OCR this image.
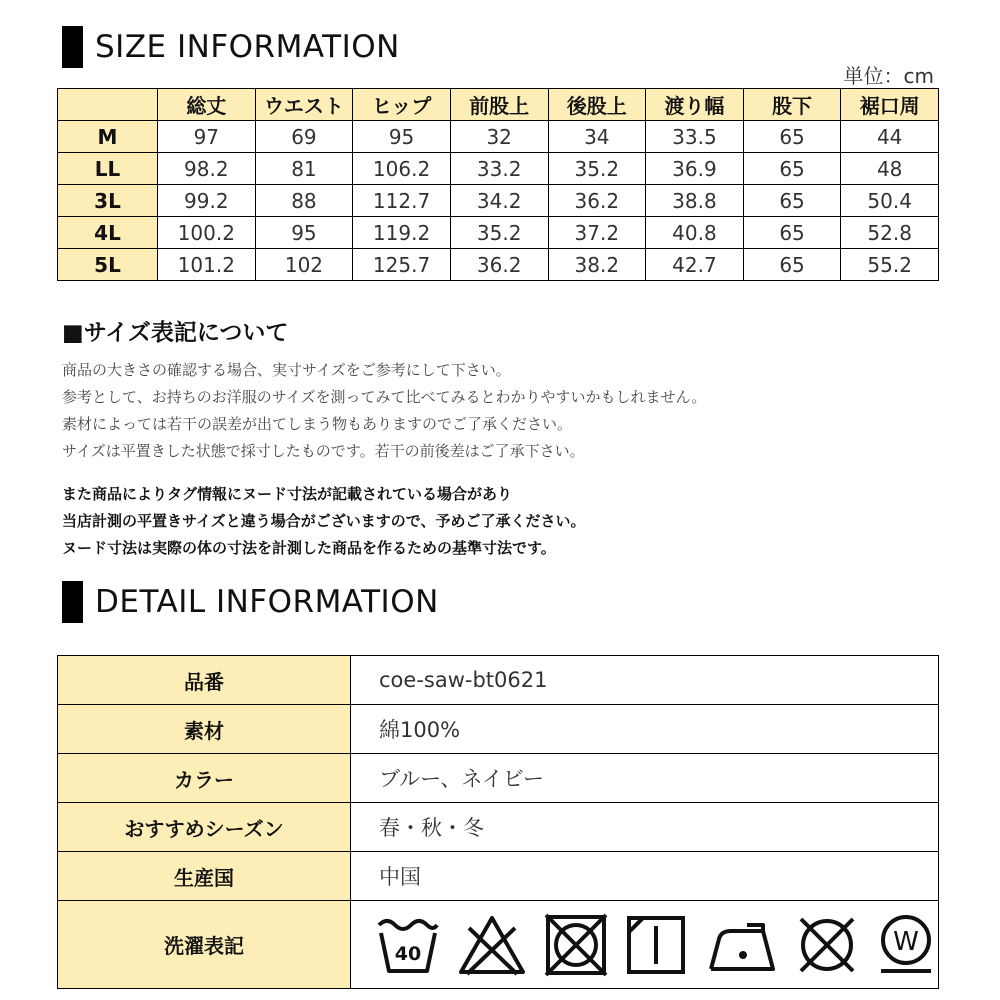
SIZE INFORMATION
単位：cm
	総丈	ウエスト	ヒップ	前股上	後股上	渡り幅	股下	裾口周
M	97	69	95	32	34	33.5	65	44
LL	98.2	81	106.2	33.2	35.2	36.9	65	48
3L	99.2	88	112.7	34.2	36.2	38.8	65	50.4
4L	100.2	95	119.2	35.2	37.2	40.8	65	52.8
5L	101.2	102	125.7	36.2	38.2	42.7	65	55.2
■サイズ表記について
商品の大きさの確認する場合、実寸サイズをご参考にして下さい。
参考として、お持ちのお洋服のサイズを測ってみて比べてみるとわかりやすいかもしれません。
素材によっては若干の誤差が出てしまう物もありますのでご了承ください。
サイズは平置きした状態で採寸したものです。若干の前後差はご了承下さい。
また商品によりタグ情報にヌード寸法が記載されている場合があり
当店計測の平置きサイズと違う場合がございますので、予めご了承ください。
ヌード寸法は実際の体の寸法を計測した商品を作るための基準寸法です。
DETAIL INFORMATION
品番	coe-saw-bt0621
素材	綿100%
カラー	ブルー、ネイビー
おすすめシーズン	春・秋・冬
生産国	中国
洗濯表記	40 W
